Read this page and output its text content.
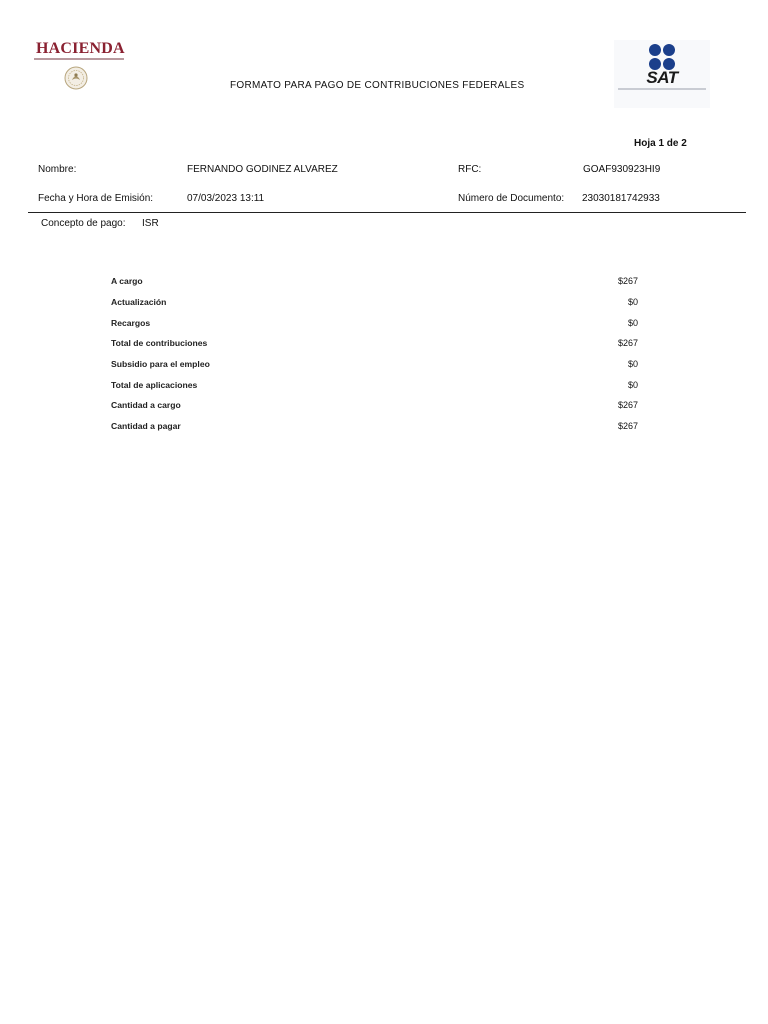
HACIENDA
FORMATO PARA PAGO DE CONTRIBUCIONES FEDERALES	SAT
Hoja 1 de 2
Nombre:	FERNANDO GODINEZ ALVAREZ	RFC:	GOAF930923HI9
Fecha y Hora de Emisión:	07/03/2023 13:11	Número de Documento: 23030181742933
Concepto de pago: ISR
A cargo	$267
Actualización	$0
Recargos	$0
Total de contribuciones	$267
Subsidio para el empleo	$0
Total de aplicaciones	$0
Cantidad a cargo	$267
Cantidad a pagar	$267
